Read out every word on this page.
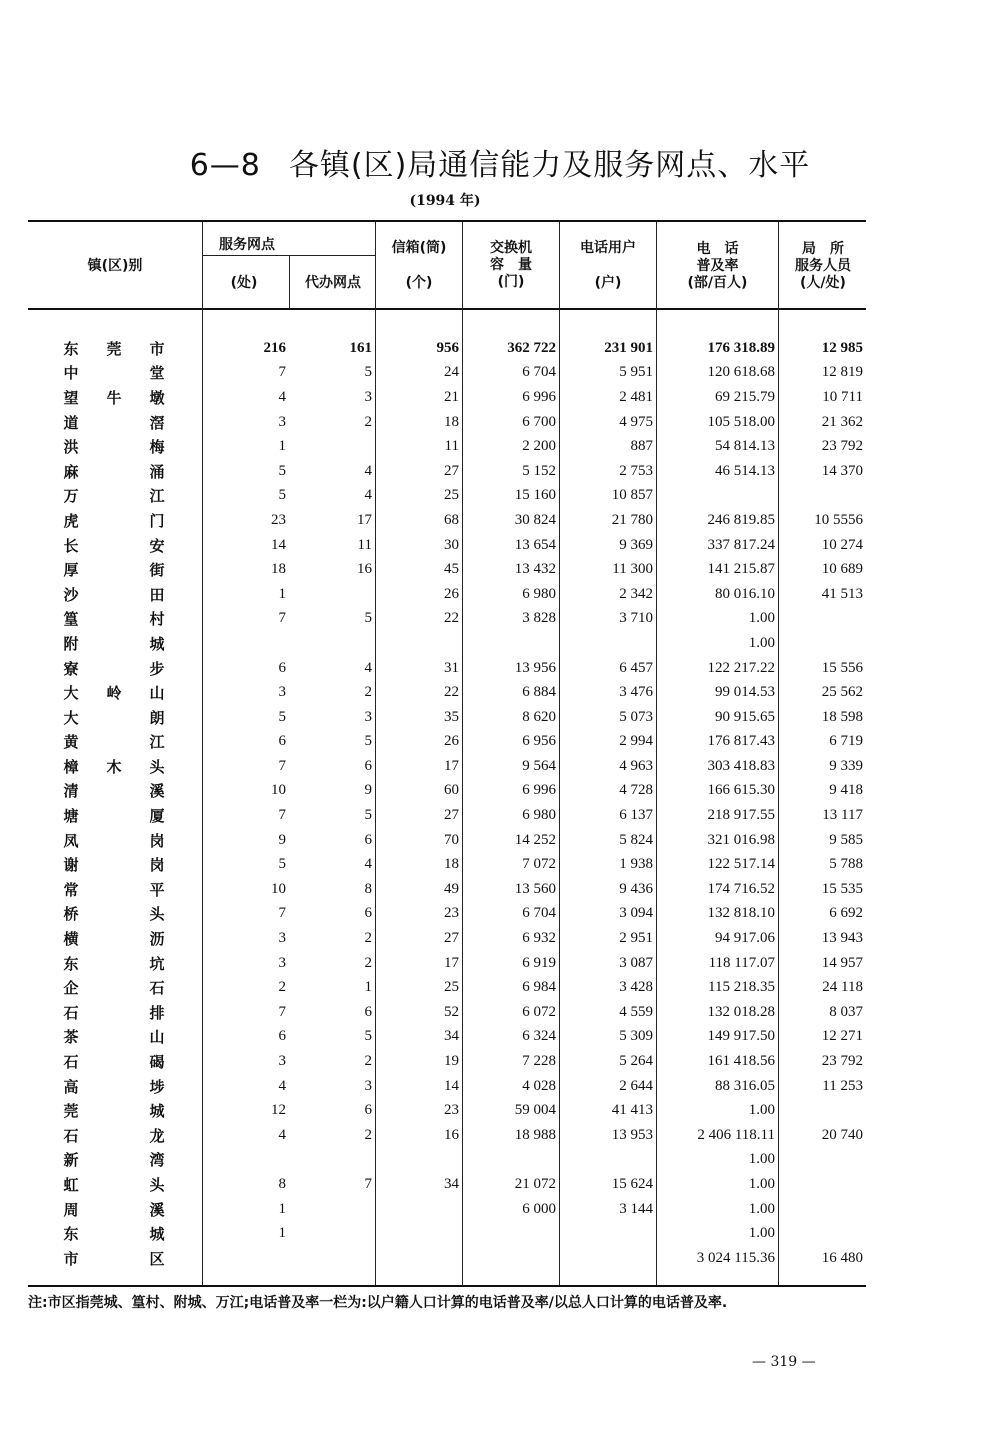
6—8 各镇(区)局通信能力及服务网点、水平
(1994 年)
镇(区)别
服务网点
(处)	代办网点
信箱(筒)
(个)
交换机
容　量
(门)
电话用户
(户)
电　话
普及率
(部/百人)
局　所
服务人员
(人/处)
东 莞 市	216	161	956	362 722	231 901	176 318.89	12 985

中 堂	7	5	24	6 704	5 951	120 618.68	12 819

望 牛 墩	4	3	21	6 996	2 481	69 215.79	10 711

道 滘	3	2	18	6 700	4 975	105 518.00	21 362

洪 梅	1		11	2 200	887	54 814.13	23 792

麻 涌	5	4	27	5 152	2 753	46 514.13	14 370

万 江	5	4	25	15 160	10 857		

虎 门	23	17	68	30 824	21 780	246 819.85	10 5556

长 安	14	11	30	13 654	9 369	337 817.24	10 274

厚 街	18	16	45	13 432	11 300	141 215.87	10 689

沙 田	1		26	6 980	2 342	80 016.10	41 513

篁 村	7	5	22	3 828	3 710	1.00	

附 城						1.00	

寮 步	6	4	31	13 956	6 457	122 217.22	15 556

大 岭 山	3	2	22	6 884	3 476	99 014.53	25 562

大 朗	5	3	35	8 620	5 073	90 915.65	18 598

黄 江	6	5	26	6 956	2 994	176 817.43	6 719

樟 木 头	7	6	17	9 564	4 963	303 418.83	9 339

清 溪	10	9	60	6 996	4 728	166 615.30	9 418

塘 厦	7	5	27	6 980	6 137	218 917.55	13 117

凤 岗	9	6	70	14 252	5 824	321 016.98	9 585

谢 岗	5	4	18	7 072	1 938	122 517.14	5 788

常 平	10	8	49	13 560	9 436	174 716.52	15 535

桥 头	7	6	23	6 704	3 094	132 818.10	6 692

横 沥	3	2	27	6 932	2 951	94 917.06	13 943

东 坑	3	2	17	6 919	3 087	118 117.07	14 957

企 石	2	1	25	6 984	3 428	115 218.35	24 118

石 排	7	6	52	6 072	4 559	132 018.28	8 037

茶 山	6	5	34	6 324	5 309	149 917.50	12 271

石 碣	3	2	19	7 228	5 264	161 418.56	23 792

高 埗	4	3	14	4 028	2 644	88 316.05	11 253

莞 城	12	6	23	59 004	41 413	1.00	

石 龙	4	2	16	18 988	13 953	2 406 118.11	20 740

新 湾						1.00	

虹 头	8	7	34	21 072	15 624	1.00	

周 溪	1			6 000	3 144	1.00	

东 城	1					1.00	

市 区						3 024 115.36	16 480
注:市区指莞城、篁村、附城、万江;电话普及率一栏为:以户籍人口计算的电话普及率/以总人口计算的电话普及率.
— 319 —
